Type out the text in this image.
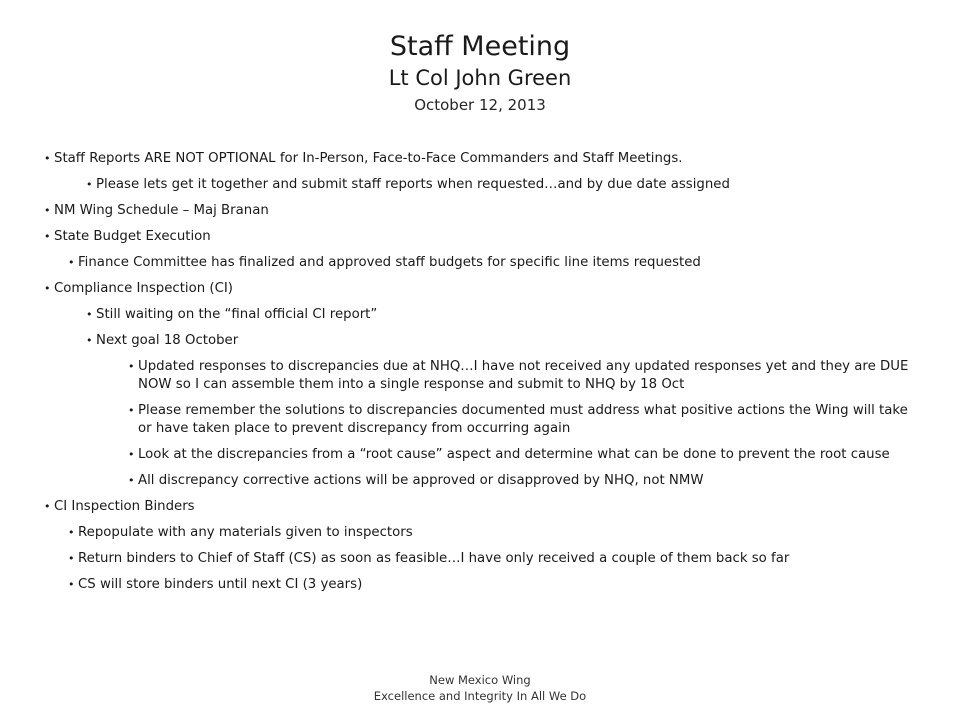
Staff Meeting
Lt Col John Green
October 12, 2013
• Staff Reports ARE NOT OPTIONAL for In-Person, Face-to-Face Commanders and Staff Meetings.
• Please lets get it together and submit staff reports when requested…and by due date assigned
• NM Wing Schedule – Maj Branan
• State Budget Execution
• Finance Committee has finalized and approved staff budgets for specific line items requested
• Compliance Inspection (CI)
• Still waiting on the “final official CI report”
• Next goal 18 October
• Updated responses to discrepancies due at NHQ…I have not received any updated responses yet and they are DUE NOW so I can assemble them into a single response and submit to NHQ by 18 Oct
• Please remember the solutions to discrepancies documented must address what positive actions the Wing will take or have taken place to prevent discrepancy from occurring again
• Look at the discrepancies from a “root cause” aspect and determine what can be done to prevent the root cause
• All discrepancy corrective actions will be approved or disapproved by NHQ, not NMW
• CI Inspection Binders
• Repopulate with any materials given to inspectors
• Return binders to Chief of Staff (CS) as soon as feasible…I have only received a couple of them back so far
• CS will store binders until next CI (3 years)
New Mexico Wing
Excellence and Integrity In All We Do
